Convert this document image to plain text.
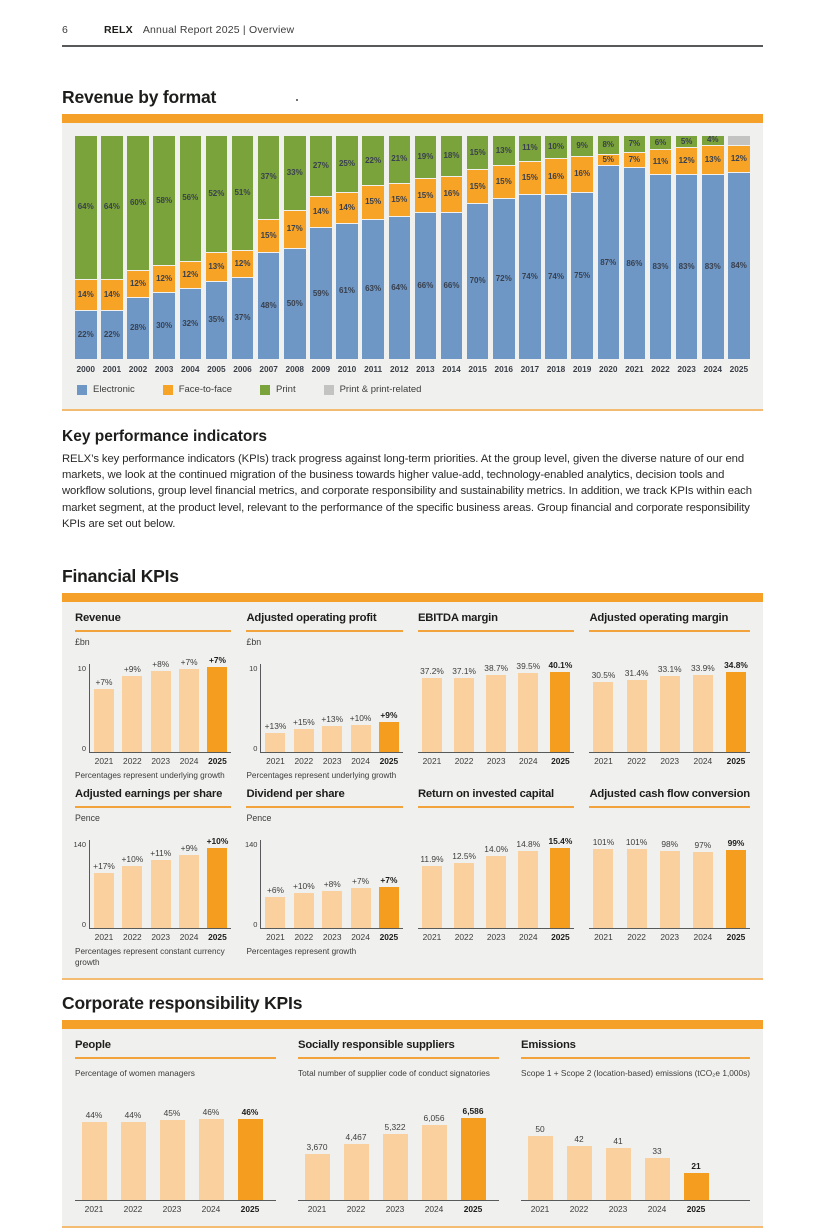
6	RELX Annual Report 2025 | Overview
Revenue by format
64%
14%
22%
64%
14%
22%
60%
12%
28%
58%
12%
30%
56%
12%
32%
52%
13%
35%
51%
12%
37%
37%
15%
48%
33%
17%
50%
27%
14%
59%
25%
14%
61%
22%
15%
63%
21%
15%
64%
19%
15%
66%
18%
16%
66%
15%
15%
70%
13%
15%
72%
11%
15%
74%
10%
16%
74%
9%
16%
75%
8%
5%
87%
7%
7%
86%
6%
11%
83%
5%
12%
83%
4%
13%
83%
12%
84%
2000 2001 2002 2003 2004 2005 2006 2007 2008 2009 2010 2011 2012 2013 2014 2015 2016 2017 2018 2019 2020 2021 2022 2023 2024 2025
Electronic	Face-to-face	Print	Print & print-related
Key performance indicators

RELX’s key performance indicators (KPIs) track progress against long-term priorities. At the group level, given the diverse nature of our end markets, we look at the continued migration of the business towards higher value-add, technology-enabled analytics, decision tools and workflow solutions, group level financial metrics, and corporate responsibility and sustainability metrics. In addition, we track KPIs within each market segment, at the product level, relevant to the performance of the specific business areas. Group financial and corporate responsibility KPIs are set out below.

Financial KPIs
Revenue
£bn
10
0
+7%
+9% +8% +7% +7%
2021	2022	2023	2024	2025
Percentages represent underlying growth
Adjusted operating profit
£bn
10
0
+13% +15% +13% +10% +9%
2021	2022	2023	2024	2025
Percentages represent underlying growth
EBITDA margin
37.2% 37.1% 38.7% 39.5% 40.1%
2021	2022	2023	2024	2025
Adjusted operating margin
30.5% 31.4% 33.1% 33.9% 34.8%
2021	2022	2023	2024	2025
Adjusted earnings per share
Pence
140
0
+17%
+10%
+11% +9%
+10%
2021	2022	2023	2024	2025
Percentages represent constant currency growth
Dividend per share
Pence
140
0
+6% +10% +8% +7% +7%
2021	2022	2023	2024	2025
Percentages represent growth
Return on invested capital
11.9% 12.5%
14.0% 14.8% 15.4%
2021	2022	2023	2024	2025
Adjusted cash flow conversion
101% 101% 98% 97% 99%
2021	2022	2023	2024	2025
Corporate responsibility KPIs
People
Percentage of women managers
44%	44%	45%	46%	46%
2021	2022	2023	2024	2025
Socially responsible suppliers
Total number of supplier code of conduct signatories
3,670
4,467
5,322
6,056
6,586
2021	2022	2023	2024	2025
Emissions
Scope 1 + Scope 2 (location-based) emissions (tCO₂e 1,000s)
50
42	41
33
21
2021	2022	2023	2024	2025
